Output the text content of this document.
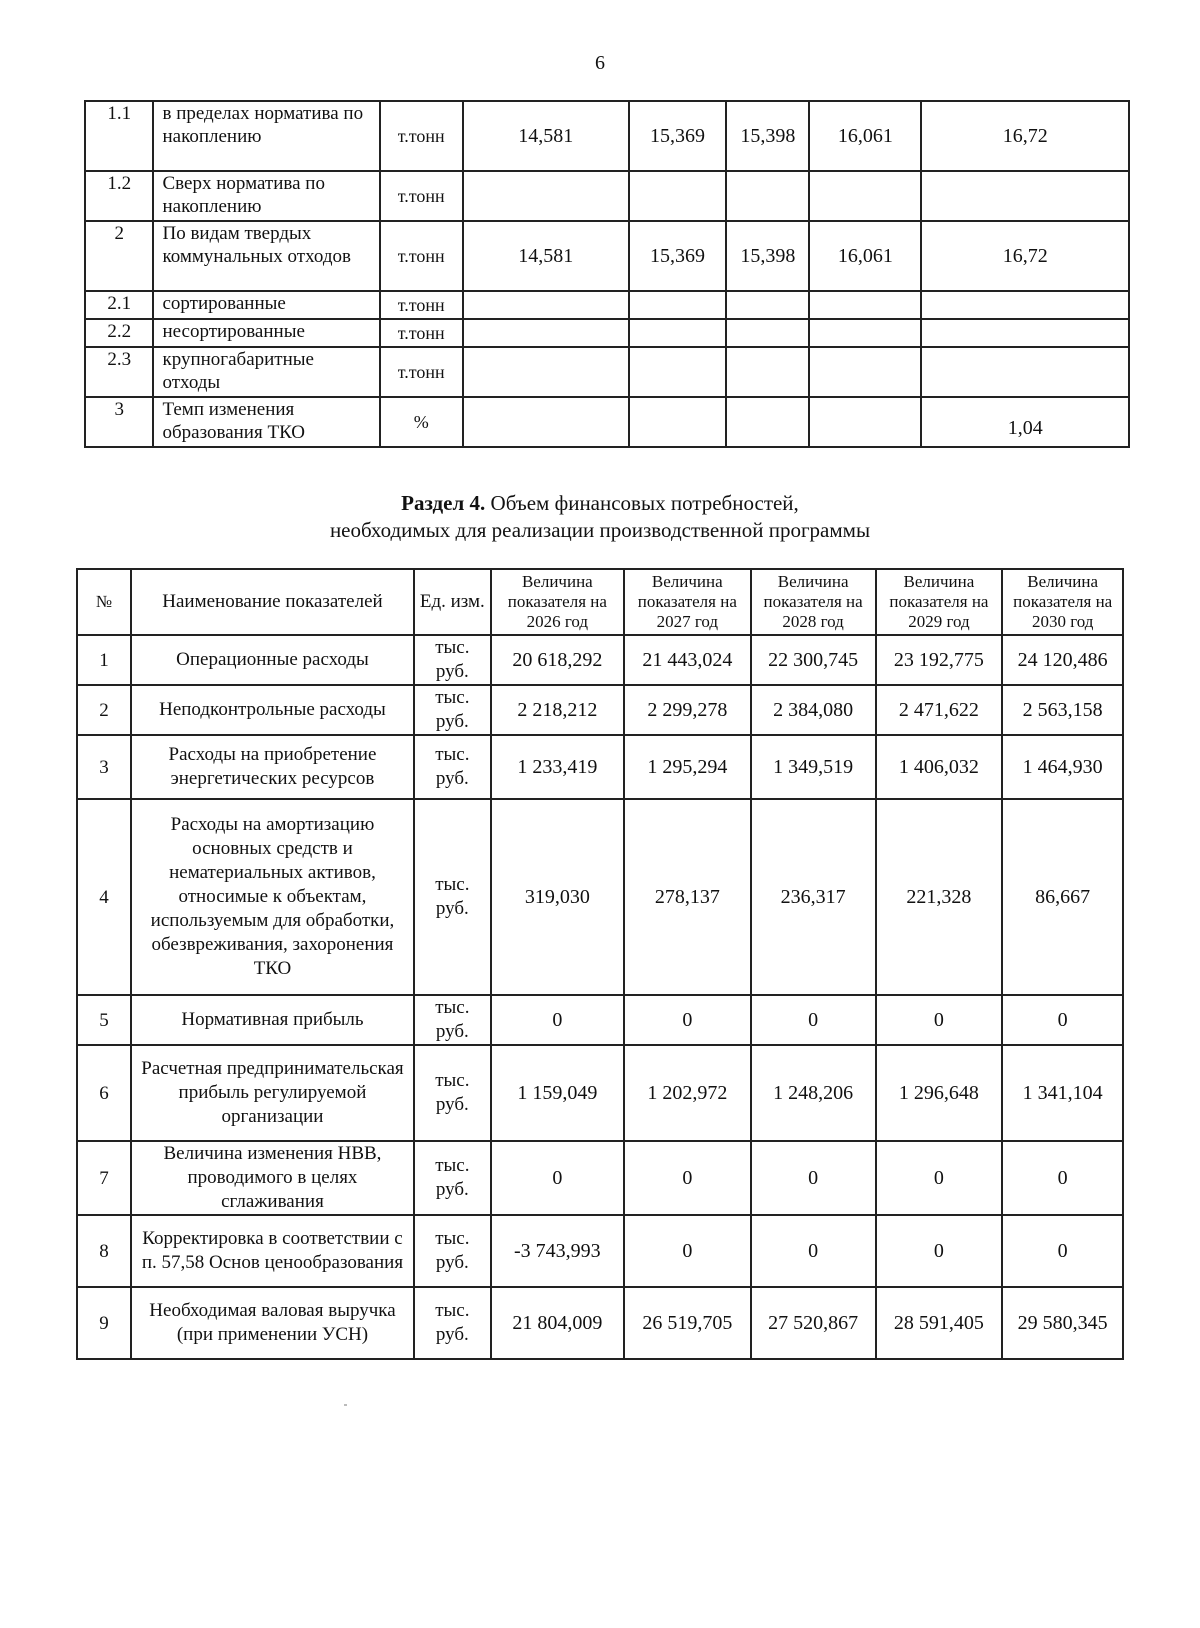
6
1.1	в пределах норматива по накоплению	т.тонн	14,581	15,369	15,398	16,061	16,72
1.2	Сверх норматива по накоплению	т.тонн					
2	По видам твердых коммунальных отходов	т.тонн	14,581	15,369	15,398	16,061	16,72
2.1	сортированные	т.тонн					
2.2	несортированные	т.тонн					
2.3	крупногабаритные отходы	т.тонн					
3	Темп изменения образования ТКО	%					1,04
Раздел 4. Объем финансовых потребностей,
необходимых для реализации производственной программы
№	Наименование показателей	Ед. изм.	Величина показателя на 2026 год	Величина показателя на 2027 год	Величина показателя на 2028 год	Величина показателя на 2029 год	Величина показателя на 2030 год
1	Операционные расходы	тыс. руб.	20 618,292	21 443,024	22 300,745	23 192,775	24 120,486
2	Неподконтрольные расходы	тыс. руб.	2 218,212	2 299,278	2 384,080	2 471,622	2 563,158
3	Расходы на приобретение энергетических ресурсов	тыс. руб.	1 233,419	1 295,294	1 349,519	1 406,032	1 464,930
4	Расходы на амортизацию основных средств и нематериальных активов, относимые к объектам, используемым для обработки, обезвреживания, захоронения ТКО	тыс. руб.	319,030	278,137	236,317	221,328	86,667
5	Нормативная прибыль	тыс. руб.	0	0	0	0	0
6	Расчетная предпринимательская прибыль регулируемой организации	тыс. руб.	1 159,049	1 202,972	1 248,206	1 296,648	1 341,104
7	Величина изменения НВВ, проводимого в целях сглаживания	тыс. руб.	0	0	0	0	0
8	Корректировка в соответствии с п. 57,58 Основ ценообразования	тыс. руб.	-3 743,993	0	0	0	0
9	Необходимая валовая выручка (при применении УСН)	тыс. руб.	21 804,009	26 519,705	27 520,867	28 591,405	29 580,345
